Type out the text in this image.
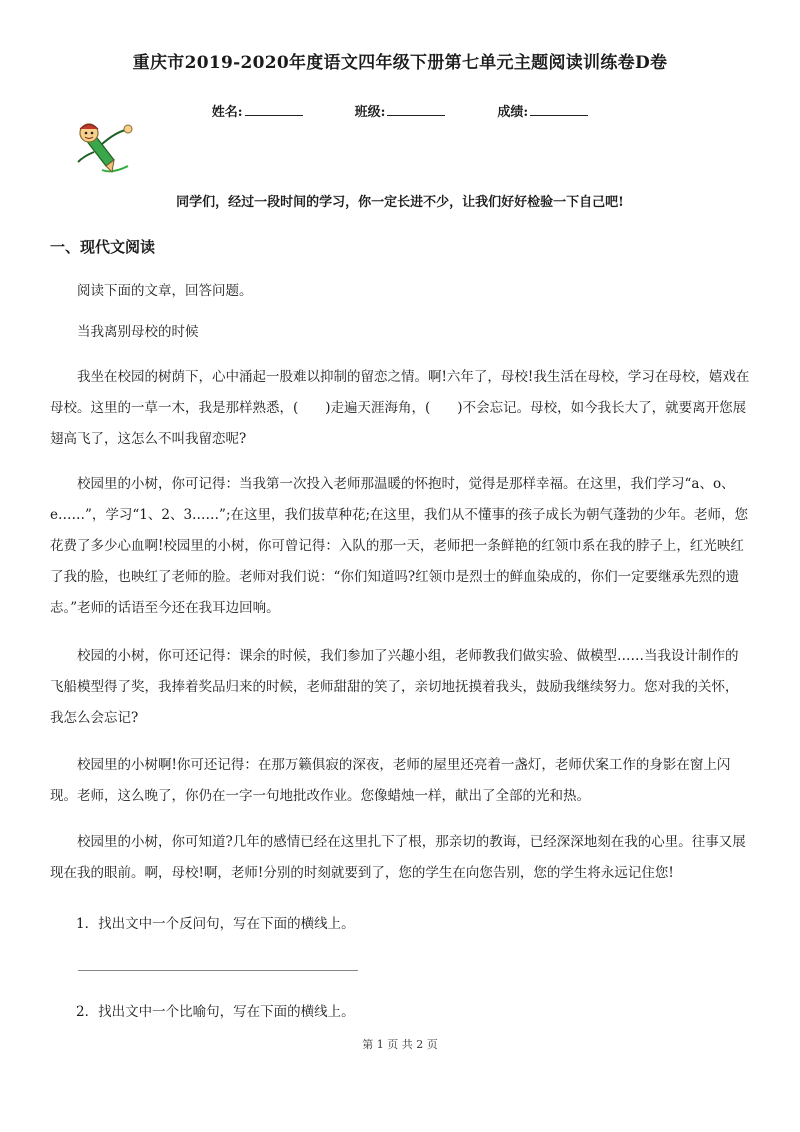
重庆市2019-2020年度语文四年级下册第七单元主题阅读训练卷D卷
姓名:	班级:	成绩:
同学们，经过一段时间的学习，你一定长进不少，让我们好好检验一下自己吧!
一、现代文阅读

阅读下面的文章，回答问题。

当我离别母校的时候

我坐在校园的树荫下，心中涌起一股难以抑制的留恋之情。啊!六年了，母校!我生活在母校，学习在母校，嬉戏在母校。这里的一草一木，我是那样熟悉，(　　)走遍天涯海角，(　　)不会忘记。母校，如今我长大了，就要离开您展翅高飞了，这怎么不叫我留恋呢?

校园里的小树，你可记得：当我第一次投入老师那温暖的怀抱时，觉得是那样幸福。在这里，我们学习“a、o、e……”，学习“1、2、3……”;在这里，我们拔草种花;在这里，我们从不懂事的孩子成长为朝气蓬勃的少年。老师，您花费了多少心血啊!校园里的小树，你可曾记得：入队的那一天，老师把一条鲜艳的红领巾系在我的脖子上，红光映红了我的脸，也映红了老师的脸。老师对我们说：“你们知道吗?红领巾是烈士的鲜血染成的，你们一定要继承先烈的遗志。”老师的话语至今还在我耳边回响。

校园的小树，你可还记得：课余的时候，我们参加了兴趣小组，老师教我们做实验、做模型……当我设计制作的飞船模型得了奖，我捧着奖品归来的时候，老师甜甜的笑了，亲切地抚摸着我头，鼓励我继续努力。您对我的关怀，我怎么会忘记?

校园里的小树啊!你可还记得：在那万籁俱寂的深夜，老师的屋里还亮着一盏灯，老师伏案工作的身影在窗上闪现。老师，这么晚了，你仍在一字一句地批改作业。您像蜡烛一样，献出了全部的光和热。

校园里的小树，你可知道?几年的感情已经在这里扎下了根，那亲切的教诲，已经深深地刻在我的心里。往事又展现在我的眼前。啊，母校!啊，老师!分别的时刻就要到了，您的学生在向您告别，您的学生将永远记住您!

1．找出文中一个反问句，写在下面的横线上。
2．找出文中一个比喻句，写在下面的横线上。
第 1 页 共 2 页
